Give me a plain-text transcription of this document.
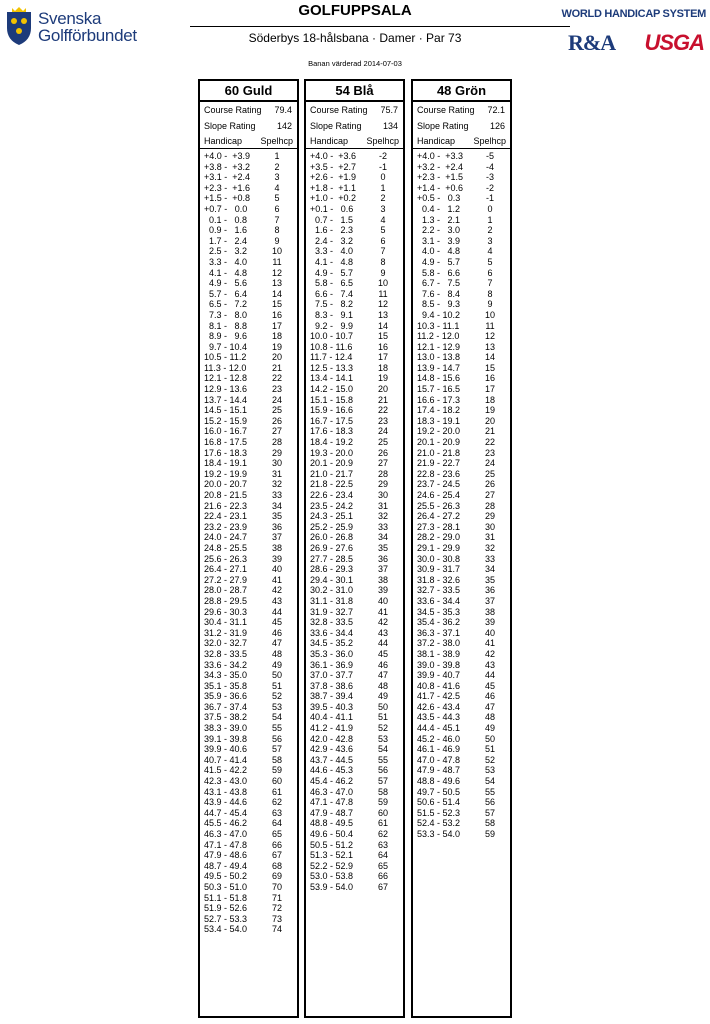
Svenska
Golfförbundet
GOLFUPPSALA
Söderbys 18-hålsbana · Damer · Par 73
Banan värderad 2014-07-03
WORLD HANDICAP SYSTEM
R&A USGA
60 Guld
Course Rating 79.4
Slope Rating 142
Handicap Spelhcp
+4.0 -  +3.9	1
+3.8 -  +3.2	2
+3.1 -  +2.4	3
+2.3 -  +1.6	4
+1.5 -  +0.8	5
+0.7 -   0.0	6
0.1 -   0.8	7
0.9 -   1.6	8
1.7 -   2.4	9
2.5 -   3.2	10
3.3 -   4.0	11
4.1 -   4.8	12
4.9 -   5.6	13
5.7 -   6.4	14
6.5 -   7.2	15
7.3 -   8.0	16
8.1 -   8.8	17
8.9 -   9.6	18
9.7 - 10.4	19
10.5 - 11.2	20
11.3 - 12.0	21
12.1 - 12.8	22
12.9 - 13.6	23
13.7 - 14.4	24
14.5 - 15.1	25
15.2 - 15.9	26
16.0 - 16.7	27
16.8 - 17.5	28
17.6 - 18.3	29
18.4 - 19.1	30
19.2 - 19.9	31
20.0 - 20.7	32
20.8 - 21.5	33
21.6 - 22.3	34
22.4 - 23.1	35
23.2 - 23.9	36
24.0 - 24.7	37
24.8 - 25.5	38
25.6 - 26.3	39
26.4 - 27.1	40
27.2 - 27.9	41
28.0 - 28.7	42
28.8 - 29.5	43
29.6 - 30.3	44
30.4 - 31.1	45
31.2 - 31.9	46
32.0 - 32.7	47
32.8 - 33.5	48
33.6 - 34.2	49
34.3 - 35.0	50
35.1 - 35.8	51
35.9 - 36.6	52
36.7 - 37.4	53
37.5 - 38.2	54
38.3 - 39.0	55
39.1 - 39.8	56
39.9 - 40.6	57
40.7 - 41.4	58
41.5 - 42.2	59
42.3 - 43.0	60
43.1 - 43.8	61
43.9 - 44.6	62
44.7 - 45.4	63
45.5 - 46.2	64
46.3 - 47.0	65
47.1 - 47.8	66
47.9 - 48.6	67
48.7 - 49.4	68
49.5 - 50.2	69
50.3 - 51.0	70
51.1 - 51.8	71
51.9 - 52.6	72
52.7 - 53.3	73
53.4 - 54.0	74
54 Blå
Course Rating 75.7
Slope Rating 134
Handicap Spelhcp
+4.0 -  +3.6	-2
+3.5 -  +2.7	-1
+2.6 -  +1.9	0
+1.8 -  +1.1	1
+1.0 -  +0.2	2
+0.1 -   0.6	3
0.7 -   1.5	4
1.6 -   2.3	5
2.4 -   3.2	6
3.3 -   4.0	7
4.1 -   4.8	8
4.9 -   5.7	9
5.8 -   6.5	10
6.6 -   7.4	11
7.5 -   8.2	12
8.3 -   9.1	13
9.2 -   9.9	14
10.0 - 10.7	15
10.8 - 11.6	16
11.7 - 12.4	17
12.5 - 13.3	18
13.4 - 14.1	19
14.2 - 15.0	20
15.1 - 15.8	21
15.9 - 16.6	22
16.7 - 17.5	23
17.6 - 18.3	24
18.4 - 19.2	25
19.3 - 20.0	26
20.1 - 20.9	27
21.0 - 21.7	28
21.8 - 22.5	29
22.6 - 23.4	30
23.5 - 24.2	31
24.3 - 25.1	32
25.2 - 25.9	33
26.0 - 26.8	34
26.9 - 27.6	35
27.7 - 28.5	36
28.6 - 29.3	37
29.4 - 30.1	38
30.2 - 31.0	39
31.1 - 31.8	40
31.9 - 32.7	41
32.8 - 33.5	42
33.6 - 34.4	43
34.5 - 35.2	44
35.3 - 36.0	45
36.1 - 36.9	46
37.0 - 37.7	47
37.8 - 38.6	48
38.7 - 39.4	49
39.5 - 40.3	50
40.4 - 41.1	51
41.2 - 41.9	52
42.0 - 42.8	53
42.9 - 43.6	54
43.7 - 44.5	55
44.6 - 45.3	56
45.4 - 46.2	57
46.3 - 47.0	58
47.1 - 47.8	59
47.9 - 48.7	60
48.8 - 49.5	61
49.6 - 50.4	62
50.5 - 51.2	63
51.3 - 52.1	64
52.2 - 52.9	65
53.0 - 53.8	66
53.9 - 54.0	67
48 Grön
Course Rating 72.1
Slope Rating 126
Handicap Spelhcp
+4.0 -  +3.3	-5
+3.2 -  +2.4	-4
+2.3 -  +1.5	-3
+1.4 -  +0.6	-2
+0.5 -   0.3	-1
0.4 -   1.2	0
1.3 -   2.1	1
2.2 -   3.0	2
3.1 -   3.9	3
4.0 -   4.8	4
4.9 -   5.7	5
5.8 -   6.6	6
6.7 -   7.5	7
7.6 -   8.4	8
8.5 -   9.3	9
9.4 - 10.2	10
10.3 - 11.1	11
11.2 - 12.0	12
12.1 - 12.9	13
13.0 - 13.8	14
13.9 - 14.7	15
14.8 - 15.6	16
15.7 - 16.5	17
16.6 - 17.3	18
17.4 - 18.2	19
18.3 - 19.1	20
19.2 - 20.0	21
20.1 - 20.9	22
21.0 - 21.8	23
21.9 - 22.7	24
22.8 - 23.6	25
23.7 - 24.5	26
24.6 - 25.4	27
25.5 - 26.3	28
26.4 - 27.2	29
27.3 - 28.1	30
28.2 - 29.0	31
29.1 - 29.9	32
30.0 - 30.8	33
30.9 - 31.7	34
31.8 - 32.6	35
32.7 - 33.5	36
33.6 - 34.4	37
34.5 - 35.3	38
35.4 - 36.2	39
36.3 - 37.1	40
37.2 - 38.0	41
38.1 - 38.9	42
39.0 - 39.8	43
39.9 - 40.7	44
40.8 - 41.6	45
41.7 - 42.5	46
42.6 - 43.4	47
43.5 - 44.3	48
44.4 - 45.1	49
45.2 - 46.0	50
46.1 - 46.9	51
47.0 - 47.8	52
47.9 - 48.7	53
48.8 - 49.6	54
49.7 - 50.5	55
50.6 - 51.4	56
51.5 - 52.3	57
52.4 - 53.2	58
53.3 - 54.0	59
